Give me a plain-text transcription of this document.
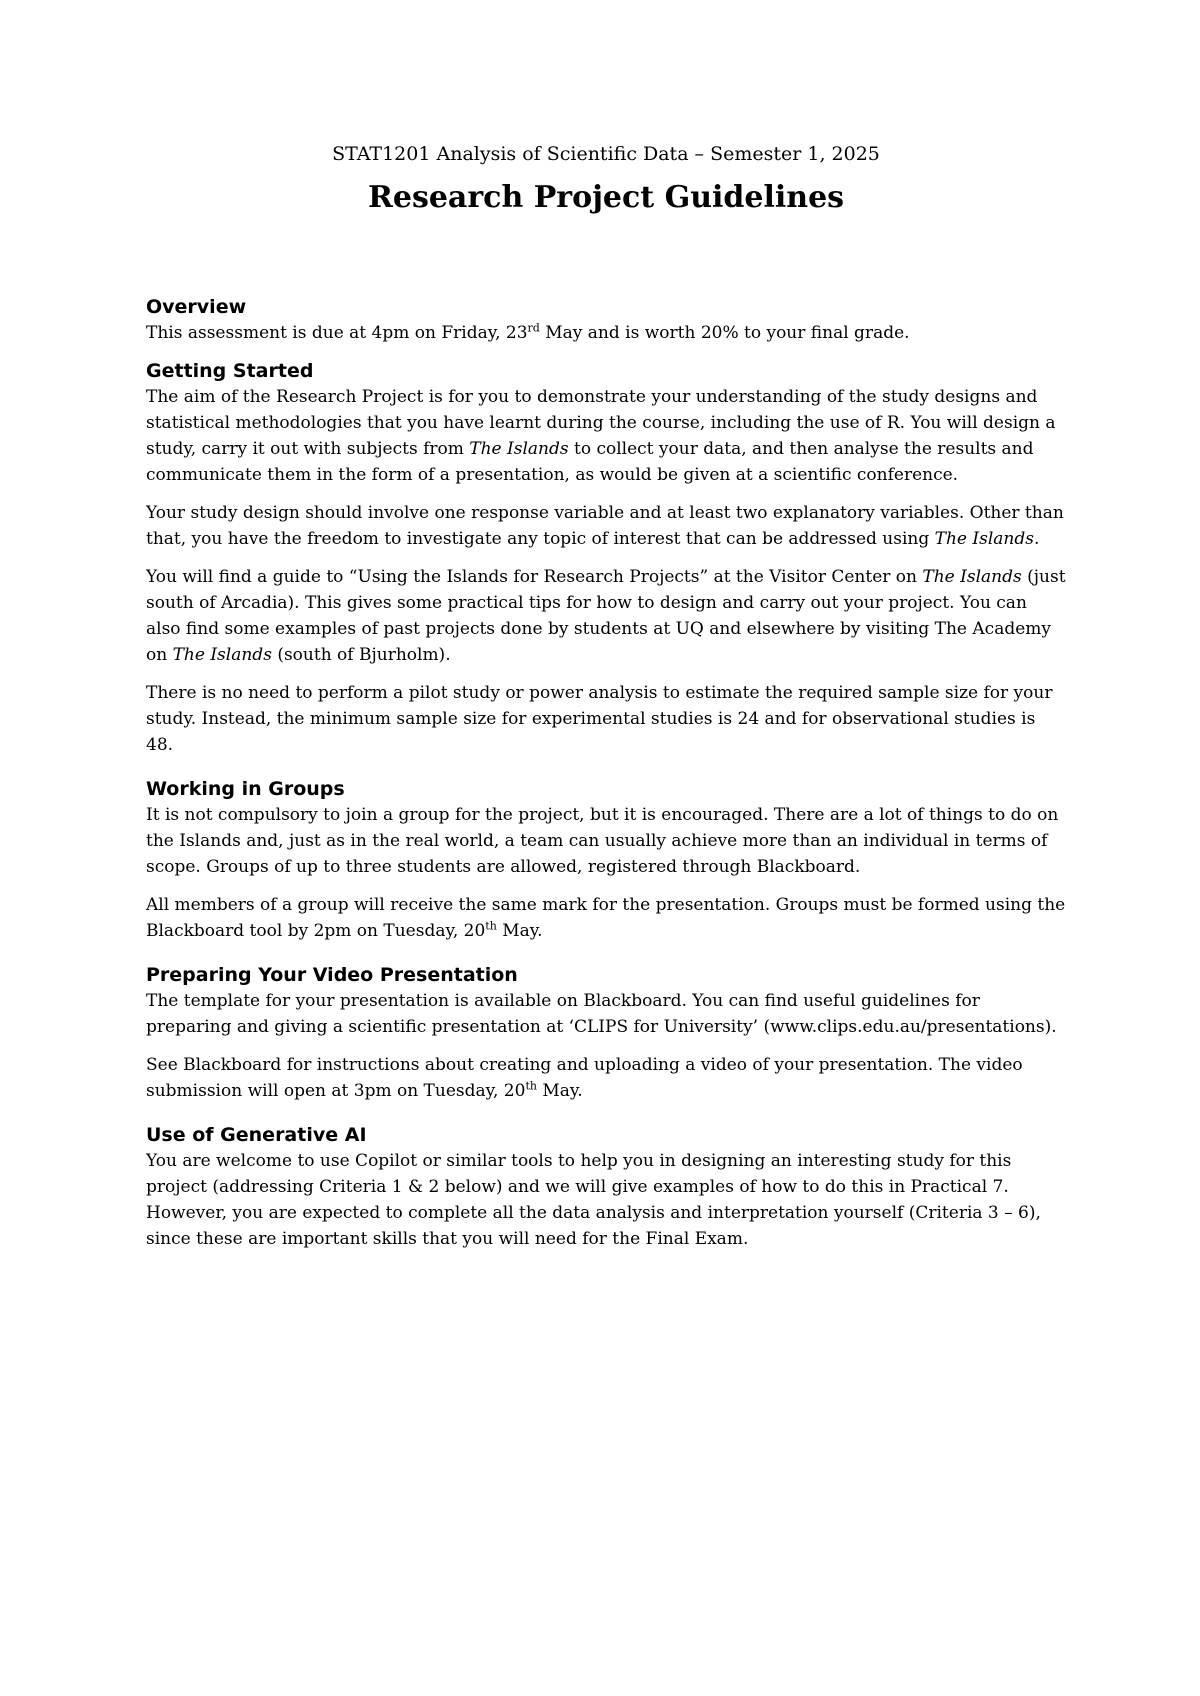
STAT1201 Analysis of Scientific Data – Semester 1, 2025

Research Project Guidelines
Overview

This assessment is due at 4pm on Friday, 23rd May and is worth 20% to your final grade.

Getting Started

The aim of the Research Project is for you to demonstrate your understanding of the study designs and statistical methodologies that you have learnt during the course, including the use of R. You will design a study, carry it out with subjects from The Islands to collect your data, and then analyse the results and communicate them in the form of a presentation, as would be given at a scientific conference.

Your study design should involve one response variable and at least two explanatory variables. Other than that, you have the freedom to investigate any topic of interest that can be addressed using The Islands.

You will find a guide to “Using the Islands for Research Projects” at the Visitor Center on The Islands (just south of Arcadia). This gives some practical tips for how to design and carry out your project. You can also find some examples of past projects done by students at UQ and elsewhere by visiting The Academy on The Islands (south of Bjurholm).

There is no need to perform a pilot study or power analysis to estimate the required sample size for your study. Instead, the minimum sample size for experimental studies is 24 and for observational studies is 48.

Working in Groups

It is not compulsory to join a group for the project, but it is encouraged. There are a lot of things to do on the Islands and, just as in the real world, a team can usually achieve more than an individual in terms of scope. Groups of up to three students are allowed, registered through Blackboard.

All members of a group will receive the same mark for the presentation. Groups must be formed using the Blackboard tool by 2pm on Tuesday, 20th May.

Preparing Your Video Presentation

The template for your presentation is available on Blackboard. You can find useful guidelines for preparing and giving a scientific presentation at ‘CLIPS for University’ (www.clips.edu.au/presentations).

See Blackboard for instructions about creating and uploading a video of your presentation. The video submission will open at 3pm on Tuesday, 20th May.

Use of Generative AI

You are welcome to use Copilot or similar tools to help you in designing an interesting study for this project (addressing Criteria 1 & 2 below) and we will give examples of how to do this in Practical 7. However, you are expected to complete all the data analysis and interpretation yourself (Criteria 3 – 6), since these are important skills that you will need for the Final Exam.
